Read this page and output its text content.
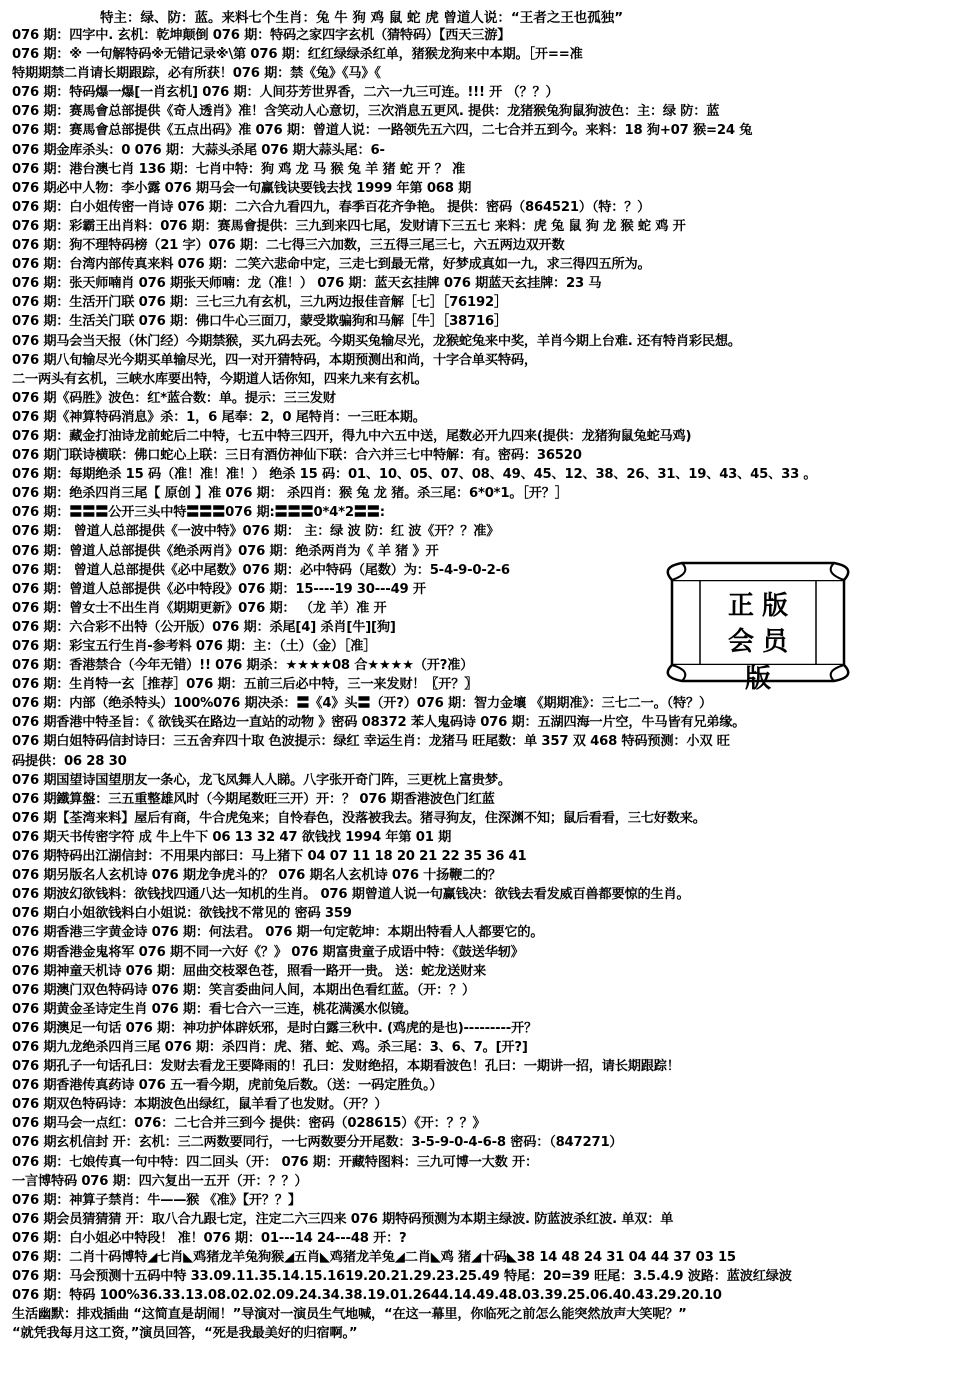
特主：绿、防：蓝。来料七个生肖：兔 牛 狗 鸡 鼠 蛇 虎 曾道人说：“王者之王也孤独”
076 期：四字中. 玄机：乾坤颠倒 076 期：特码之家四字玄机（猜特码）【西天三游】
076 期：※ 一句解特码※无错记录※\第 076 期：红红绿绿杀红单，猪猴龙狗来中本期。［开==准
特期期禁二肖请长期跟踪，必有所获！076 期：禁《兔》《马》《
076 期：特码爆一爆[一肖玄机] 076 期：人间芬芳世界香，二六一九三可连。!!! 开 （？？）
076 期：赛馬會总部提供《奇人透肖》准！含笑动人心意切，三次消息五更风. 提供：龙猪猴兔狗鼠狗波色：主：绿 防：蓝
076 期：赛馬會总部提供《五点出码》准 076 期：曾道人说：一路领先五六四，二七合并五到今。来料：18 狗+07 猴=24 兔
076 期金库杀头：0 076 期：大蒜头杀尾 076 期大蒜头尾：6-
076 期：港台澳七肖 136 期：七肖中特：狗 鸡 龙 马 猴 兔 羊 猪 蛇 开 ？ 准
076 期必中人物：李小露 076 期马会一句赢钱诀要钱去找 1999 年第 068 期
076 期：白小姐传密一肖诗 076 期：二六合九看四九，春季百花齐争艳。 提供：密码（864521）（特：？）
076 期：彩霸王出肖料：076 期：赛馬會提供：三九到来四七尾，发财请下三五七 来料：虎 兔 鼠 狗 龙 猴 蛇 鸡 开
076 期：狗不理特码榜（21 字）076 期：二七得三六加数，三五得三尾三七，六五两边双开数
076 期：台湾内部传真来料 076 期：二笑六悲命中定，三走七到最无常，好梦成真如一九，求三得四五所为。
076 期：张天师喃肖 076 期张天师喃：龙（准！） 076 期：蓝天玄挂牌 076 期蓝天玄挂牌：23 马
076 期：生活开门联 076 期：三七三九有玄机，三九两边报佳音解［七］［76192］
076 期：生活关门联 076 期：佛口牛心三面刀，蒙受欺骗狗和马解［牛］［38716］
076 期马会当天报（休门经）今期禁猴，买九码去死。今期买兔输尽光，龙猴蛇兔来中奖，羊肖今期上台难. 还有特肖彩民想。
076 期八旬输尽光今期买单输尽光，四一对开猜特码，本期预测出和尚，十字合单买特码，
二一两头有玄机，三峡水库要出特，今期道人话你知，四来九来有玄机。
076 期《码胜》波色：红*蓝合数：单。提示：三三发财
076 期《神算特码消息》杀：1，6 尾奉：2，0 尾特肖：一三旺本期。
076 期：藏金打油诗龙前蛇后二中特，七五中特三四开，得九中六五中送，尾数必开九四来(提供：龙猪狗鼠兔蛇马鸡)
076 期门联诗横联：佛口蛇心上联：三日有酒仿神仙下联：合六并三七中特解：有。密码：36520
076 期：每期绝杀 15 码（准！准！准！） 绝杀 15 码：01、10、05、07、08、49、45、12、38、26、31、19、43、45、33 。
076 期：绝杀四肖三尾【 原创 】准 076 期： 杀四肖：猴 兔 龙 猪。杀三尾：6*0*1。［开？］
076 期：〓〓〓公开三头中特〓〓〓076 期:〓〓〓0*4*2〓〓:
076 期： 曾道人总部提供《一波中特》076 期： 主：绿 波 防：红 波《开？？准》
076 期：曾道人总部提供《绝杀两肖》076 期：绝杀两肖为《 羊 猪 》开
076 期： 曾道人总部提供《必中尾数》076 期：必中特码（尾数）为：5-4-9-0-2-6
076 期：曾道人总部提供《必中特段》076 期：15----19 30---49 开
076 期：曾女士不出生肖《期期更新》076 期： （龙 羊）准 开
076 期：六合彩不出特（公开版）076 期：杀尾[4] 杀肖[牛][狗]
076 期：彩宝五行生肖-参考料 076 期：主：（土）（金）［准］
076 期：香港禁合（今年无错）!! 076 期杀：★★★★08 合★★★★（开?准）
076 期：生肖特一玄［推荐］076 期：五前三后必中特，三一来发财！〖开？〗
076 期：内部（绝杀特头）100%076 期决杀：〓《4》头〓（开?）076 期：智力金壤 《期期准》：三七二一。（特？）
076 期香港中特圣旨：《 欲钱买在路边一直站的动物 》密码 08372 苯人鬼码诗 076 期：五湖四海一片空，牛马皆有兄弟缘。
076 期白姐特码信封诗曰：三五舍弃四十取 色波提示：绿红 幸运生肖：龙猪马 旺尾数：单 357 双 468 特码预测：小双 旺
码提供：06 28 30
076 期国望诗国望朋友一条心，龙飞凤舞人人睇。八字张开奇门阵，三更枕上富贵梦。
076 期鐵算盤：三五重整雄风时（今期尾数旺三开）开：？ 076 期香港波色门红蓝
076 期【荃湾来料】屋后有商，牛合虎兔来；自怜春色，没落被我去。猪寻狗友，住深渊不知；鼠后看看，三七好数来。
076 期天书传密字符 成 牛上牛下 06 13 32 47 欲钱找 1994 年第 01 期
076 期特码出江湖信封：不用果内部曰：马上猪下 04 07 11 18 20 21 22 35 36 41
076 期另版名人玄机诗 076 期龙争虎斗的？ 076 期名人玄机诗 076 十扬鞭二的？
076 期波幻欲钱料：欲钱找四通八达一知机的生肖。 076 期曾道人说一句赢钱决：欲钱去看发威百兽都要惊的生肖。
076 期白小姐欲钱料白小姐说：欲钱找不常见的 密码 359
076 期香港三字黄金诗 076 期：何法君。 076 期一句定乾坤：本期出特看人人都要它的。
076 期香港金鬼将军 076 期不同一六好《？》 076 期富贵童子成语中特：《鼓送华轫》
076 期神童天机诗 076 期：屈曲交枝翠色苍，照看一路开一贵。 送：蛇龙送财来
076 期澳门双色特码诗 076 期：笑言委曲问人间，本期出色看红蓝。（开：？）
076 期黄金圣诗定生肖 076 期：看七合六一三连，桃花满溪水似镜。
076 期澳足一句话 076 期：神功护体辟妖邪，是时白露三秋中. (鸡虎的是也)---------开？
076 期九龙绝杀四肖三尾 076 期：杀四肖：虎、猪、蛇、鸡。杀三尾：3、6、7。[开?]
076 期孔子一句话孔曰：发财去看龙王要降雨的！孔曰：发财绝招，本期看波色！孔曰：一期讲一招，请长期跟踪！
076 期香港传真药诗 076 五一看今期，虎前兔后数。（送：一码定胜负。）
076 期双色特码诗：本期波色出绿红，鼠羊看了也发财。（开？）
076 期马会一点红：076：二七合并三到今 提供：密码（028615）《开：？？》
076 期玄机信封 开：玄机：三二两数要同行，一七两数要分开尾数：3-5-9-0-4-6-8 密码：（847271）
076 期：七娘传真一句中特：四二回头（开： 076 期：开藏特图料：三九可博一大数 开：
一言博特码 076 期：四六复出一五开（开：？？）
076 期：神算子禁肖：牛——猴 《准》【开？？】
076 期会员猜猜猜 开：取八合九跟七定，注定二六三四来 076 期特码预测为本期主绿波. 防蓝波杀红波. 单双：单
076 期：白小姐必中特段！ 准！076 期：01---14 24---48 开：?
076 期：二肖十码博特◢七肖◣鸡猪龙羊兔狗猴◢五肖◣鸡猪龙羊兔◢二肖◣鸡 猪◢十码◣38 14 48 24 31 04 44 37 03 15
076 期：马会预测十五码中特 33.09.11.35.14.15.1619.20.21.29.23.25.49 特尾：20=39 旺尾：3.5.4.9 波路：蓝波红绿波
076 期：特码 100%36.33.13.08.02.02.09.24.34.38.19.01.2644.14.49.48.03.39.25.06.40.43.29.20.10
生活幽默：排戏插曲 “这简直是胡闹！”导演对一演员生气地喊，“在这一幕里，你临死之前怎么能突然放声大笑呢？”
“就凭我每月这工资，”演员回答，“死是我最美好的归宿啊。”
正版
会员版
